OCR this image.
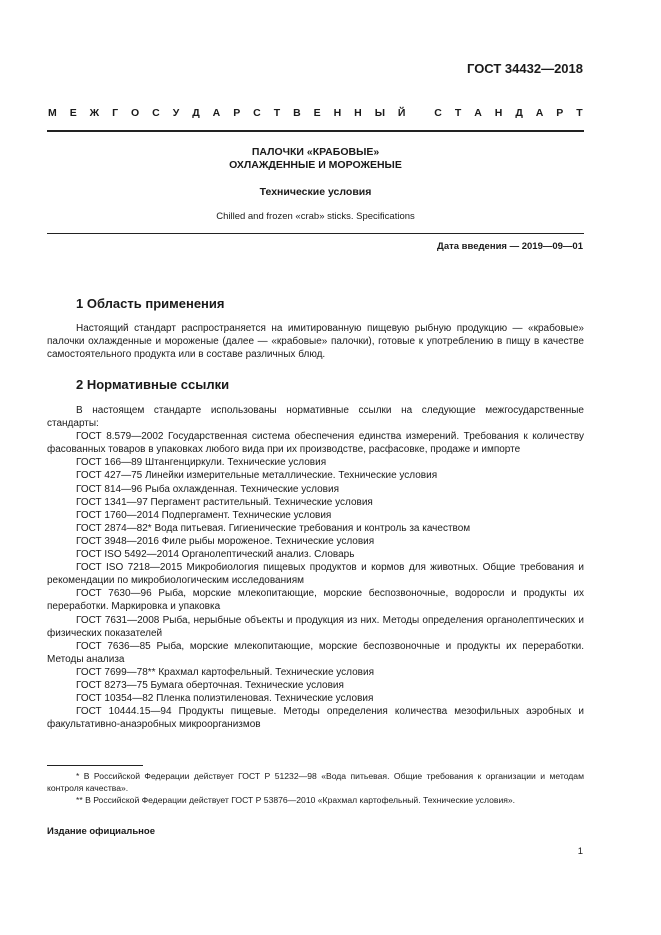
ГОСТ 34432—2018
М Е Ж Г О С У Д А Р С Т В Е Н Н Ы Й
	С Т А Н Д А Р Т
ПАЛОЧКИ «КРАБОВЫЕ»
ОХЛАЖДЕННЫЕ И МОРОЖЕНЫЕ
Технические условия
Chilled and frozen «crab» sticks. Specifications
Дата введения — 2019—09—01
1 Область применения

Настоящий стандарт распространяется на имитированную пищевую рыбную продукцию — «крабовые» палочки охлажденные и мороженые (далее — «крабовые» палочки), готовые к употреблению в пищу в качестве самостоятельного продукта или в составе различных блюд.

2 Нормативные ссылки

В настоящем стандарте использованы нормативные ссылки на следующие межгосударственные стандарты:

ГОСТ 8.579—2002 Государственная система обеспечения единства измерений. Требования к количеству фасованных товаров в упаковках любого вида при их производстве, расфасовке, продаже и импорте

ГОСТ 166—89 Штангенциркули. Технические условия

ГОСТ 427—75 Линейки измерительные металлические. Технические условия

ГОСТ 814—96 Рыба охлажденная. Технические условия

ГОСТ 1341—97 Пергамент растительный. Технические условия

ГОСТ 1760—2014 Подпергамент. Технические условия

ГОСТ 2874—82* Вода питьевая. Гигиенические требования и контроль за качеством

ГОСТ 3948—2016 Филе рыбы мороженое. Технические условия

ГОСТ ISO 5492—2014 Органолептический анализ. Словарь

ГОСТ ISO 7218—2015 Микробиология пищевых продуктов и кормов для животных. Общие требования и рекомендации по микробиологическим исследованиям

ГОСТ 7630—96 Рыба, морские млекопитающие, морские беспозвоночные, водоросли и продукты их переработки. Маркировка и упаковка

ГОСТ 7631—2008 Рыба, нерыбные объекты и продукция из них. Методы определения органолептических и физических показателей

ГОСТ 7636—85 Рыба, морские млекопитающие, морские беспозвоночные и продукты их переработки. Методы анализа

ГОСТ 7699—78** Крахмал картофельный. Технические условия

ГОСТ 8273—75 Бумага оберточная. Технические условия

ГОСТ 10354—82 Пленка полиэтиленовая. Технические условия

ГОСТ 10444.15—94 Продукты пищевые. Методы определения количества мезофильных аэробных и факультативно-анаэробных микроорганизмов

* В Российской Федерации действует ГОСТ Р 51232—98 «Вода питьевая. Общие требования к организации и методам контроля качества».

** В Российской Федерации действует ГОСТ Р 53876—2010 «Крахмал картофельный. Технические условия».

Издание официальное
1
